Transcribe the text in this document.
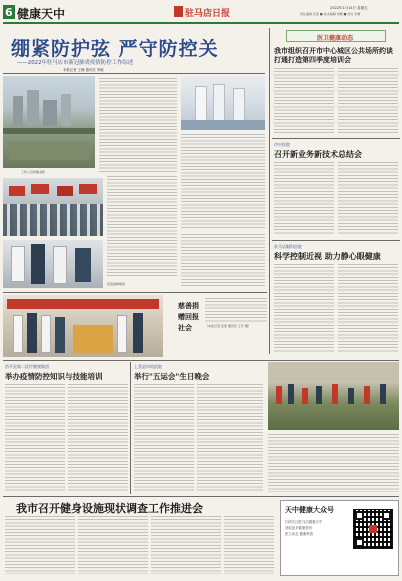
6 健康天中	驻马店日报
2022年1月14日 星期五
责任编辑 张燕 ■ 美术编辑 刘娜 ■ 校对 李静
绷紧防护弦 严守防控关
——2022年驻马店市新冠肺炎疫情防控工作综述
本报记者 王楠 通讯员 李晓
工作人员核酸采样
疫苗接种现场
医卫健康动态
我市组织召开市中心城区公共场所约谈打通打造第四季度培训会
市中医院
召开新业务新技术总结会
驻马店眼科医院
科学控制近视 助力静心眼健康
慈善捐赠回报社会	（本报记者 张燕 通讯员 王芳 摄）
西平县第二医疗健康集团
举办疫情防控知识与技能培训
上蔡县妇幼医院
举行"五运会"生日晚会
我市召开健身设施现状调查工作推进会	天中健康大众号
扫码关注驻马店健康天中
获取更多健康资讯
医卫动态 健康科普
